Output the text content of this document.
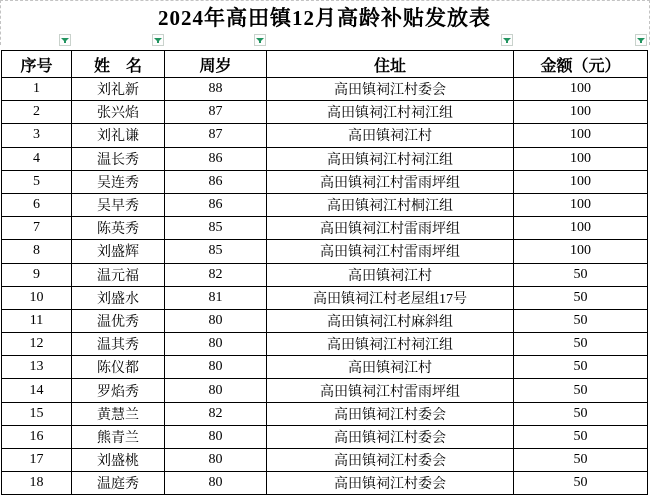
2024年高田镇12月高龄补贴发放表				

序号	姓　名	周岁	住址	金额（元）
1	刘礼新	88	高田镇祠江村委会	100
2	张兴焰	87	高田镇祠江村祠江组	100
3	刘礼谦	87	高田镇祠江村	100
4	温长秀	86	高田镇祠江村祠江组	100
5	吴连秀	86	高田镇祠江村雷雨坪组	100
6	吴早秀	86	高田镇祠江村桐江组	100
7	陈英秀	85	高田镇祠江村雷雨坪组	100
8	刘盛辉	85	高田镇祠江村雷雨坪组	100
9	温元福	82	高田镇祠江村	50
10	刘盛水	81	高田镇祠江村老屋组17号	50
11	温优秀	80	高田镇祠江村麻斜组	50
12	温其秀	80	高田镇祠江村祠江组	50
13	陈仪都	80	高田镇祠江村	50
14	罗焰秀	80	高田镇祠江村雷雨坪组	50
15	黄慧兰	82	高田镇祠江村委会	50
16	熊青兰	80	高田镇祠江村委会	50
17	刘盛桃	80	高田镇祠江村委会	50
18	温庭秀	80	高田镇祠江村委会	50
